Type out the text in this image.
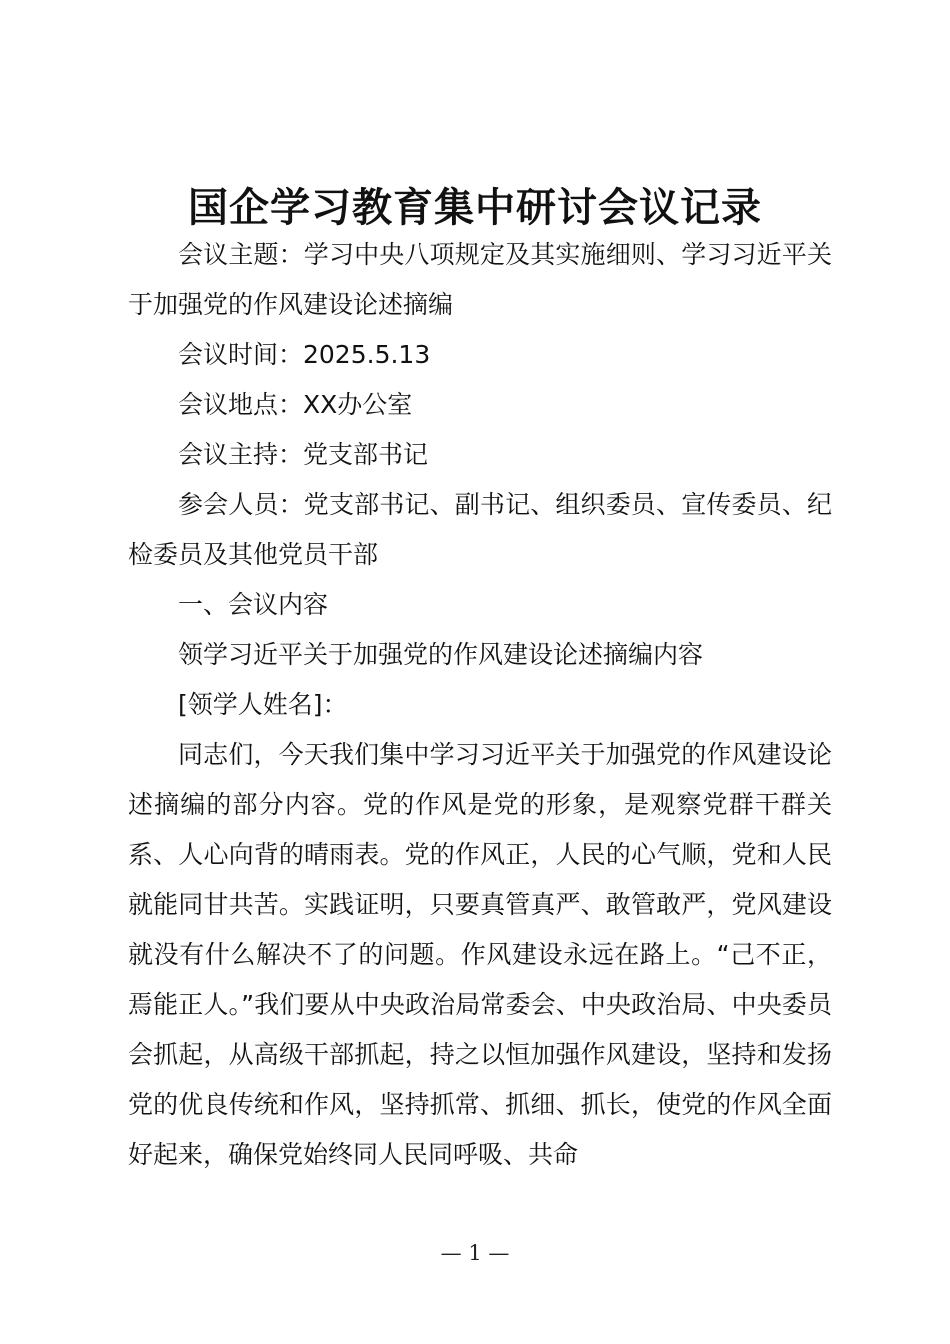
国企学习教育集中研讨会议记录

会议主题：学习中央八项规定及其实施细则、学习习近平关于加强党的作风建设论述摘编

会议时间：2025.5.13

会议地点：XX办公室

会议主持：党支部书记

参会人员：党支部书记、副书记、组织委员、宣传委员、纪检委员及其他党员干部

一、会议内容

领学习近平关于加强党的作风建设论述摘编内容

[领学人姓名]：

同志们，今天我们集中学习习近平关于加强党的作风建设论述摘编的部分内容。党的作风是党的形象，是观察党群干群关系、人心向背的晴雨表。党的作风正，人民的心气顺，党和人民就能同甘共苦。实践证明，只要真管真严、敢管敢严，党风建设就没有什么解决不了的问题。作风建设永远在路上。“己不正，焉能正人。”我们要从中央政治局常委会、中央政治局、中央委员会抓起，从高级干部抓起，持之以恒加强作风建设，坚持和发扬党的优良传统和作风，坚持抓常、抓细、抓长，使党的作风全面好起来，确保党始终同人民同呼吸、共命

— 1 —
